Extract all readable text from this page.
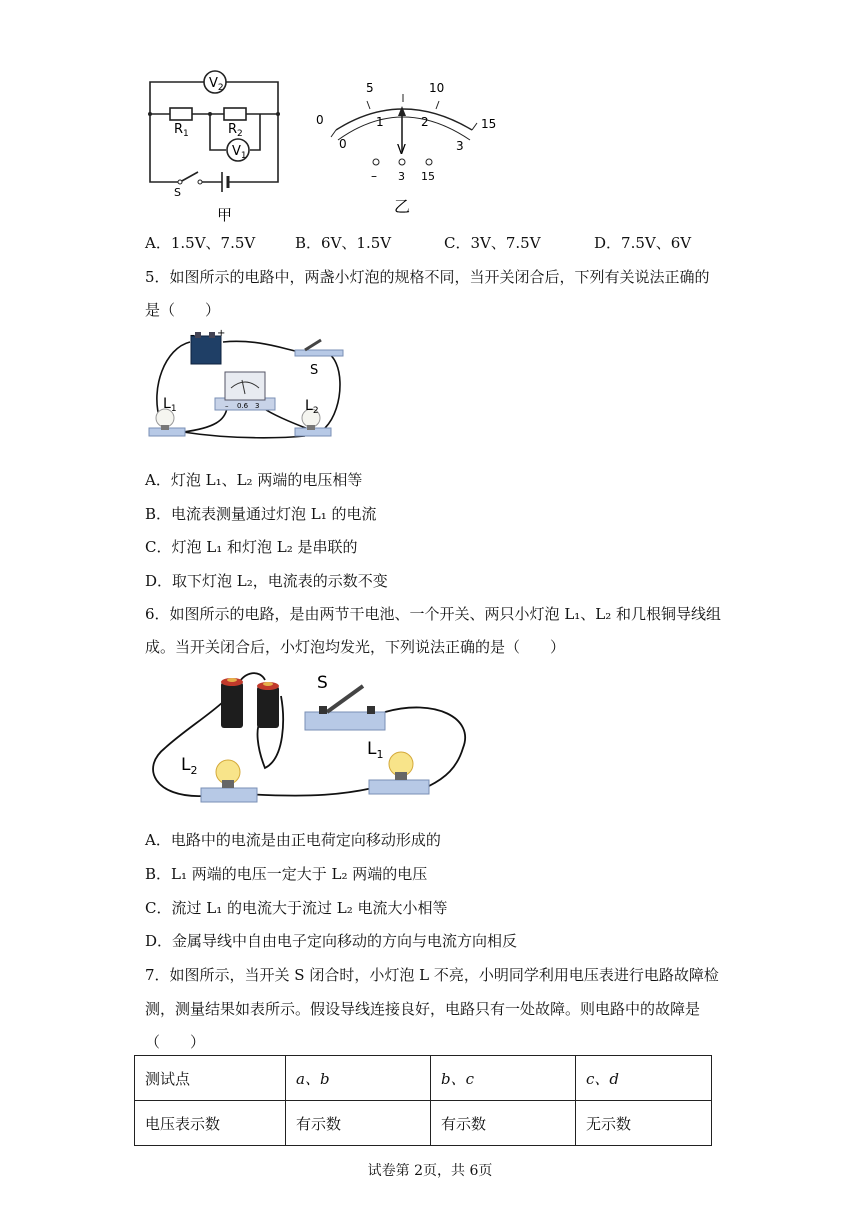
$V_2$
$V_1$
$R_1$	$R_2$
S
甲
0
5	10
15
0
1	2
3
V
– 3 15
乙
A．1.5V、7.5V	B．6V、1.5V	C．3V、7.5V	D．7.5V、6V
5．如图所示的电路中，两盏小灯泡的规格不同，当开关闭合后，下列有关说法正确的
是（　　）
– +
S
– 0.6 3
$L_1$	$L_2$
A．灯泡 L₁、L₂ 两端的电压相等
B．电流表测量通过灯泡 L₁ 的电流
C．灯泡 L₁ 和灯泡 L₂ 是串联的
D．取下灯泡 L₂，电流表的示数不变
6．如图所示的电路，是由两节干电池、一个开关、两只小灯泡 L₁、L₂ 和几根铜导线组
成。当开关闭合后，小灯泡均发光，下列说法正确的是（　　）
S
$L_2$
$L_1$
A．电路中的电流是由正电荷定向移动形成的
B．L₁ 两端的电压一定大于 L₂ 两端的电压
C．流过 L₁ 的电流大于流过 L₂ 电流大小相等
D．金属导线中自由电子定向移动的方向与电流方向相反
7．如图所示，当开关 S 闭合时，小灯泡 L 不亮，小明同学利用电压表进行电路故障检
测，测量结果如表所示。假设导线连接良好，电路只有一处故障。则电路中的故障是
（　　）
测试点	a、b	b、c	c、d
电压表示数	有示数	有示数	无示数
试卷第 2页，共 6页
